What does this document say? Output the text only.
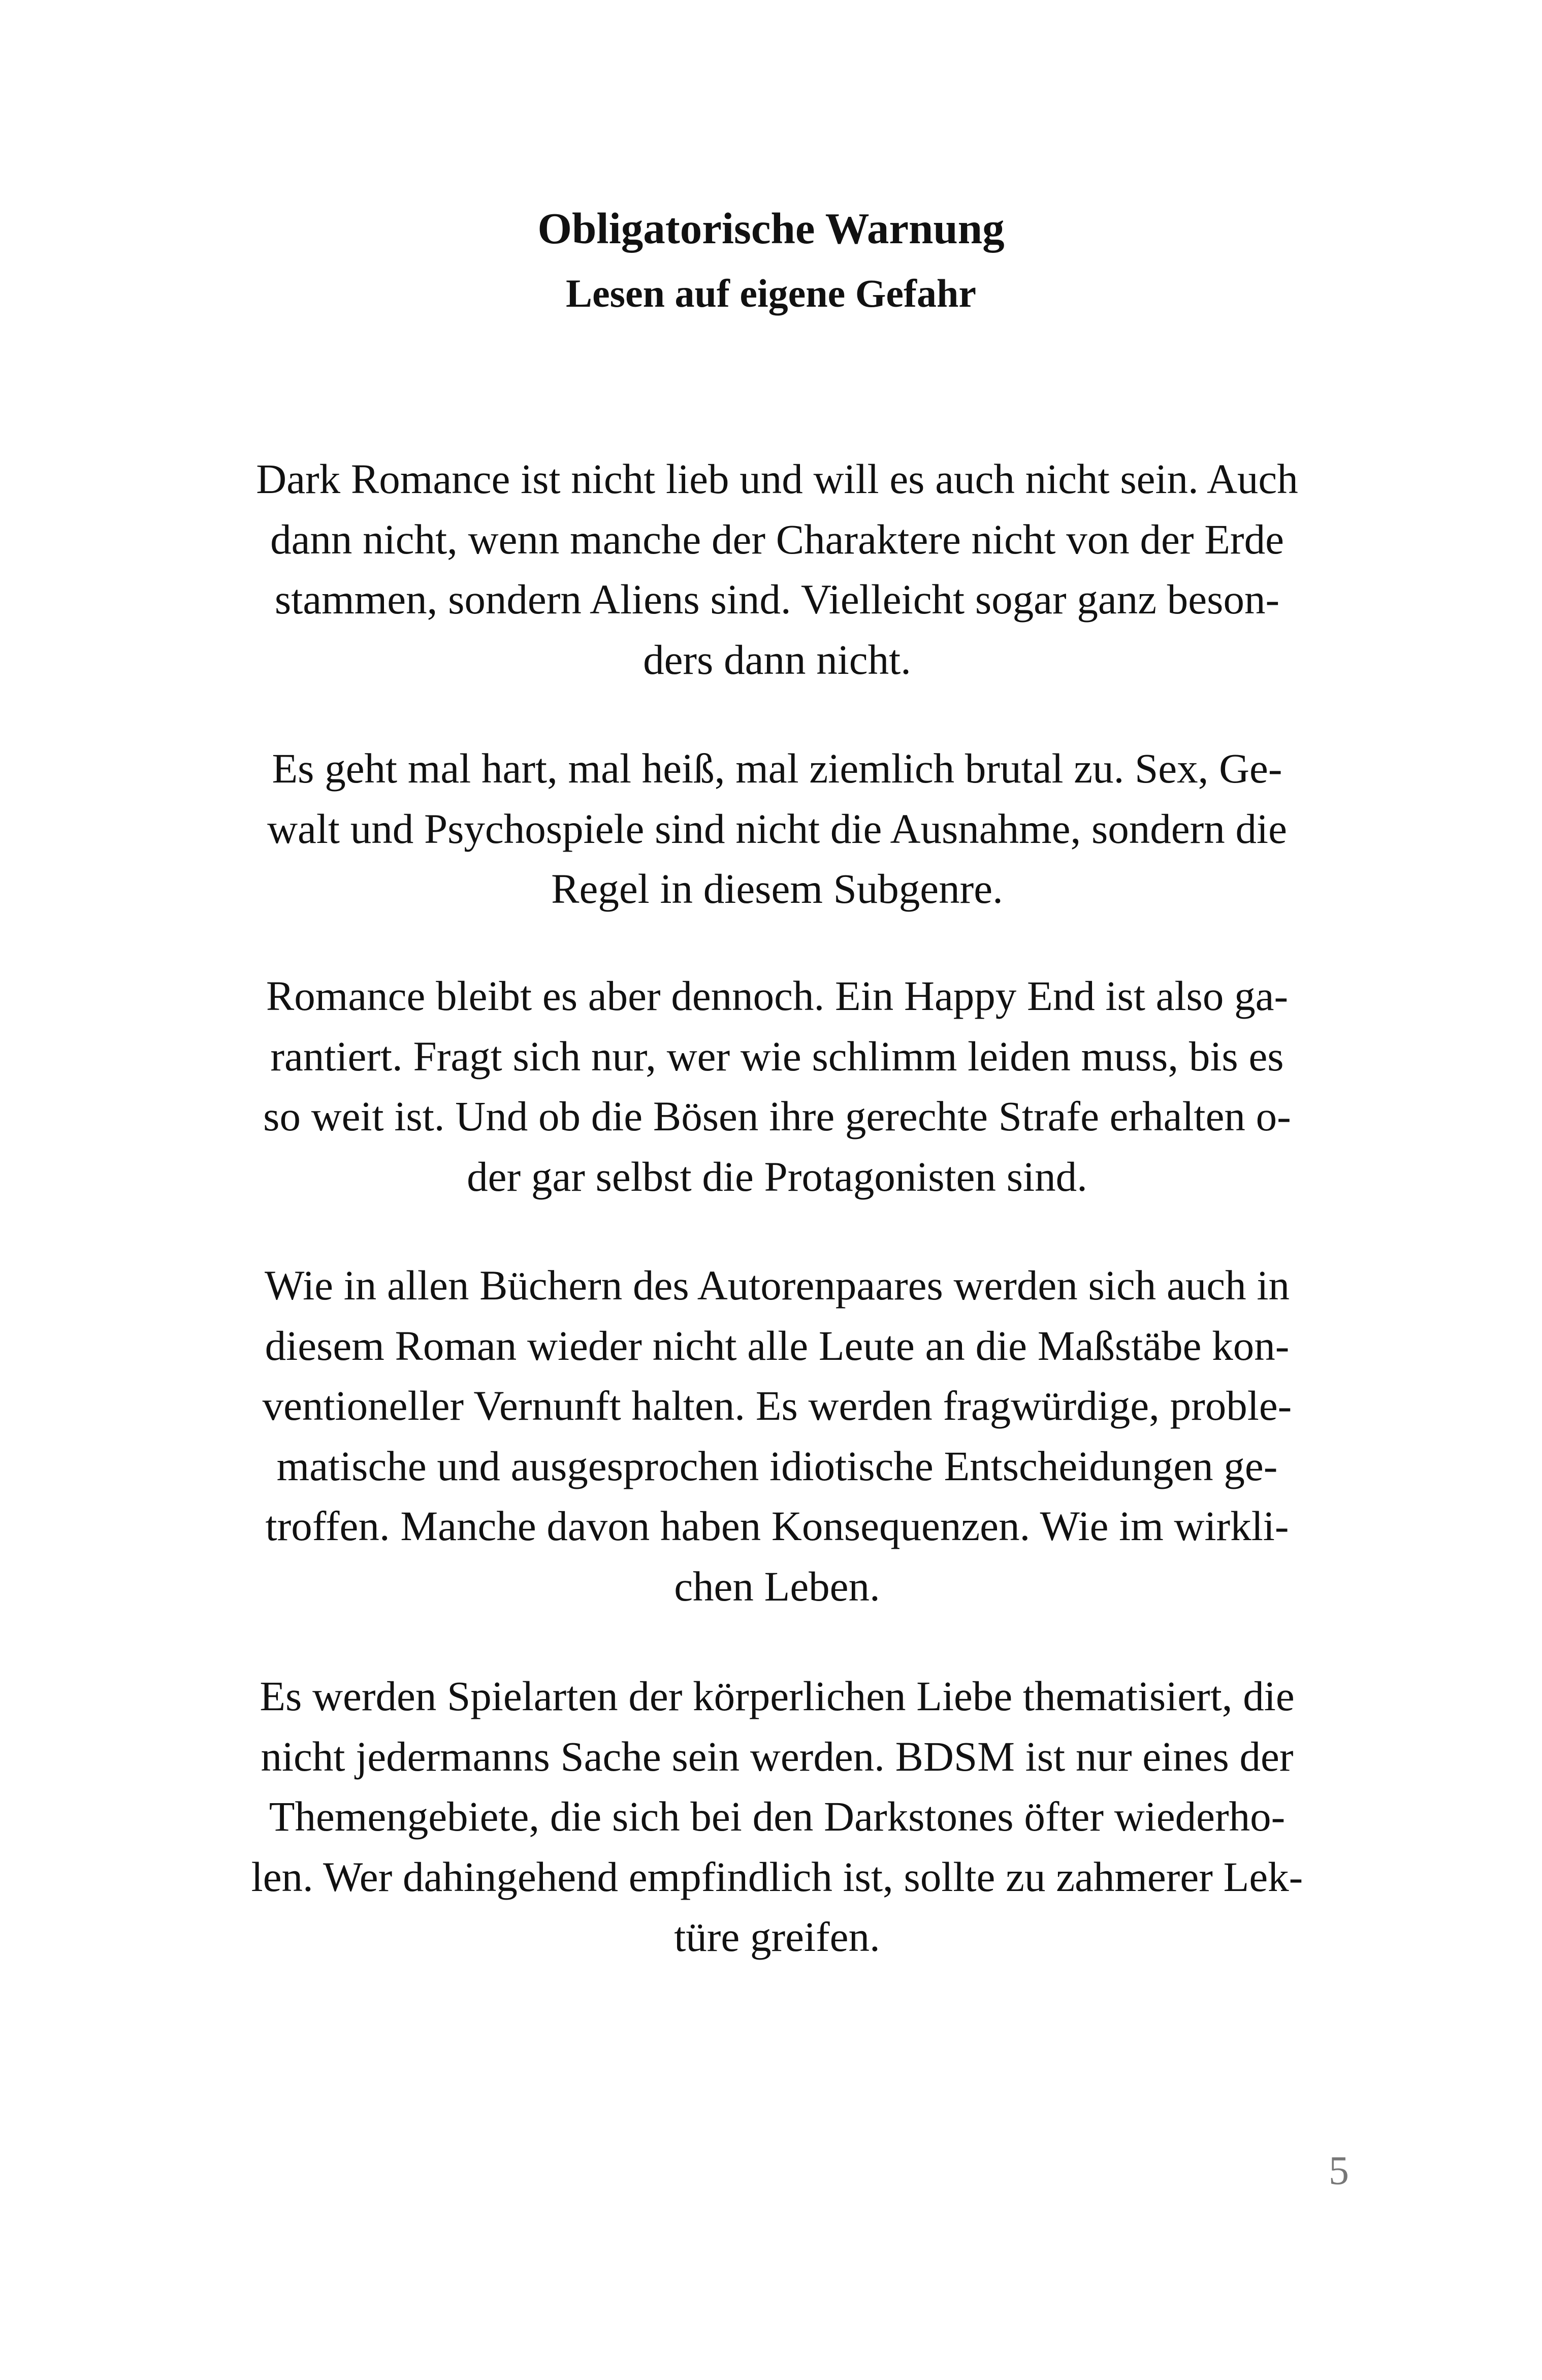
Obligatorische Warnung
Lesen auf eigene Gefahr
Dark Romance ist nicht lieb und will es auch nicht sein. Auch
dann nicht, wenn manche der Charaktere nicht von der Erde
stammen, sondern Aliens sind. Vielleicht sogar ganz beson-
ders dann nicht.
Es geht mal hart, mal heiß, mal ziemlich brutal zu. Sex, Ge-
walt und Psychospiele sind nicht die Ausnahme, sondern die
Regel in diesem Subgenre.
Romance bleibt es aber dennoch. Ein Happy End ist also ga-
rantiert. Fragt sich nur, wer wie schlimm leiden muss, bis es
so weit ist. Und ob die Bösen ihre gerechte Strafe erhalten o-
der gar selbst die Protagonisten sind.
Wie in allen Büchern des Autorenpaares werden sich auch in
diesem Roman wieder nicht alle Leute an die Maßstäbe kon-
ventioneller Vernunft halten. Es werden fragwürdige, proble-
matische und ausgesprochen idiotische Entscheidungen ge-
troffen. Manche davon haben Konsequenzen. Wie im wirkli-
chen Leben.
Es werden Spielarten der körperlichen Liebe thematisiert, die
nicht jedermanns Sache sein werden. BDSM ist nur eines der
Themengebiete, die sich bei den Darkstones öfter wiederho-
len. Wer dahingehend empfindlich ist, sollte zu zahmerer Lek-
türe greifen.
5
